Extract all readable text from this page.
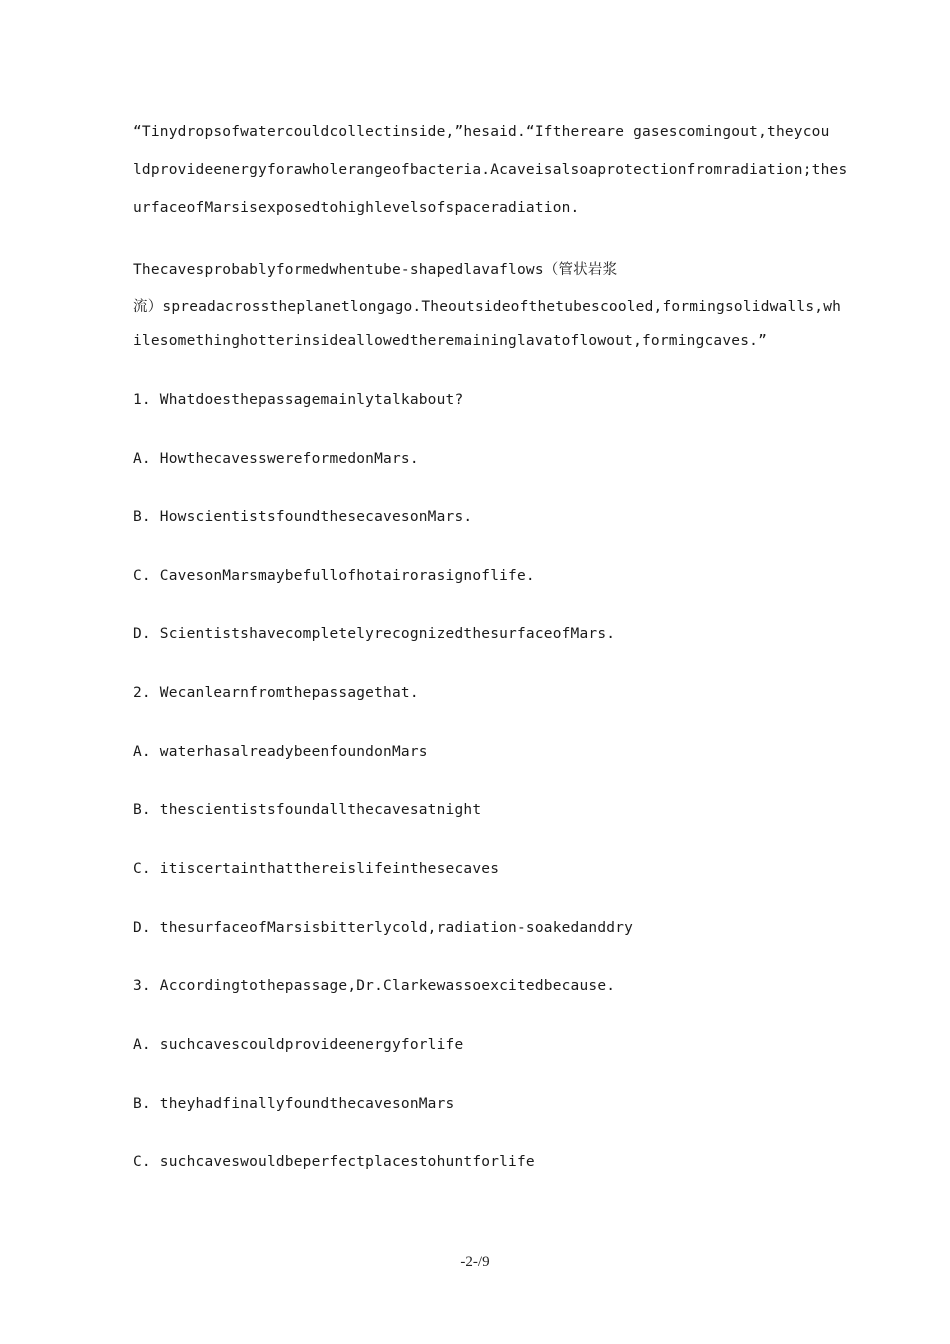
“Tinydropsofwatercouldcollectinside,”hesaid.“Ifthereare gasescomingout,theycou
ldprovideenergyforawholerangeofbacteria.Acaveisalsoaprotectionfromradiation;thes
urfaceofMarsisexposedtohighlevelsofspaceradiation.
Thecavesprobablyformedwhentube-shapedlavaflows（管状岩浆
流）spreadacrosstheplanetlongago.Theoutsideofthetubescooled,formingsolidwalls,wh
ilesomethinghotterinsideallowedtheremaininglavatoflowout,formingcaves.”
1. Whatdoesthepassagemainlytalkabout?
A. HowthecavesswereformedonMars.
B. HowscientistsfoundthesecavesonMars.
C. CavesonMarsmaybefullofhotairorasignoflife.
D. ScientistshavecompletelyrecognizedthesurfaceofMars.
2. Wecanlearnfromthepassagethat.
A. waterhasalreadybeenfoundonMars
B. thescientistsfoundallthecavesatnight
C. itiscertainthatthereislifeinthesecaves
D. thesurfaceofMarsisbitterlycold,radiation-soakedanddry
3. Accordingtothepassage,Dr.Clarkewassoexcitedbecause.
A. suchcavescouldprovideenergyforlife
B. theyhadfinallyfoundthecavesonMars
C. suchcaveswouldbeperfectplacestohuntforlife
-2-/9
